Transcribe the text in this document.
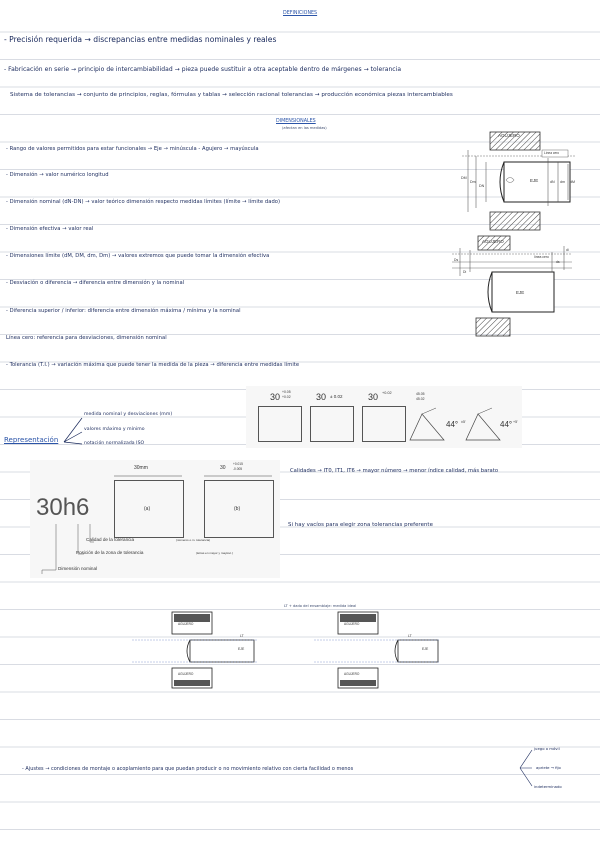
DEFINICIONES
- Precisión requerida → discrepancias entre medidas nominales y reales
- Fabricación en serie → principio de intercambiabilidad → pieza puede sustituir a otra aceptable dentro de márgenes → tolerancia
Sistema de tolerancias → conjunto de principios, reglas, fórmulas y tablas → selección racional tolerancias → producción económica piezas intercambiables
DIMENSIONALES
(afectan en las medidas)
- Rango de valores permitidos para estar funcionales → Eje → minúscula - Agujero → mayúscula
- Dimensión → valor numérico longitud
- Dimensión nominal (dN-DN) → valor teórico dimensión respecto medidas límites (límite → límite dado)
- Dimensión efectiva → valor real
- Dimensiones límite (dM, DM, dm, Dm) → valores extremos que puede tomar la dimensión efectiva
- Desviación o diferencia → diferencia entre dimensión y la nominal
- Diferencia superior / inferior: diferencia entre dimensión máxima / mínima y la nominal
Línea cero: referencia para desviaciones, dimensión nominal
- Tolerancia (T.I.) → variación máxima que puede tener la medida de la pieza → diferencia entre medidas límite
AGUJERO
Línea cero
EJE
DM
Dm
DN
dN dm dM
AGUJERO
línea cero
EJE
Ds
Di
ds
di
Representación
medida nominal y desviaciones (mm)
valores máximo y mínimo
notación normalizada ISO
30 +0.05
+0.02	30 ± 0.02	30 +0.02	45.05
45.02
44° ±5'	44° +5'
30mm	30
+0.015
-0.005
(a)	(b)
30h6
Calidad de la tolerancia	(números o.m. tolerancia)
Posición de la zona de tolerancia	(letras en mayor y mayúsc.)
Dimensión nominal
Calidades → IT0, IT1, IT6 → mayor número → menor índice calidad, más barato
Si hay vacíos para elegir zona tolerancias preferente
LT + dado del ensamblaje: medida ideal
AGUJERO
AGUJERO
EJE
LT
AGUJERO
AGUJERO
EJE
LT
- Ajustes → condiciones de montaje o acoplamiento para que puedan producir o no movimiento relativo con cierta facilidad o menos
juego o móvil
apriete → fijo
indeterminado
